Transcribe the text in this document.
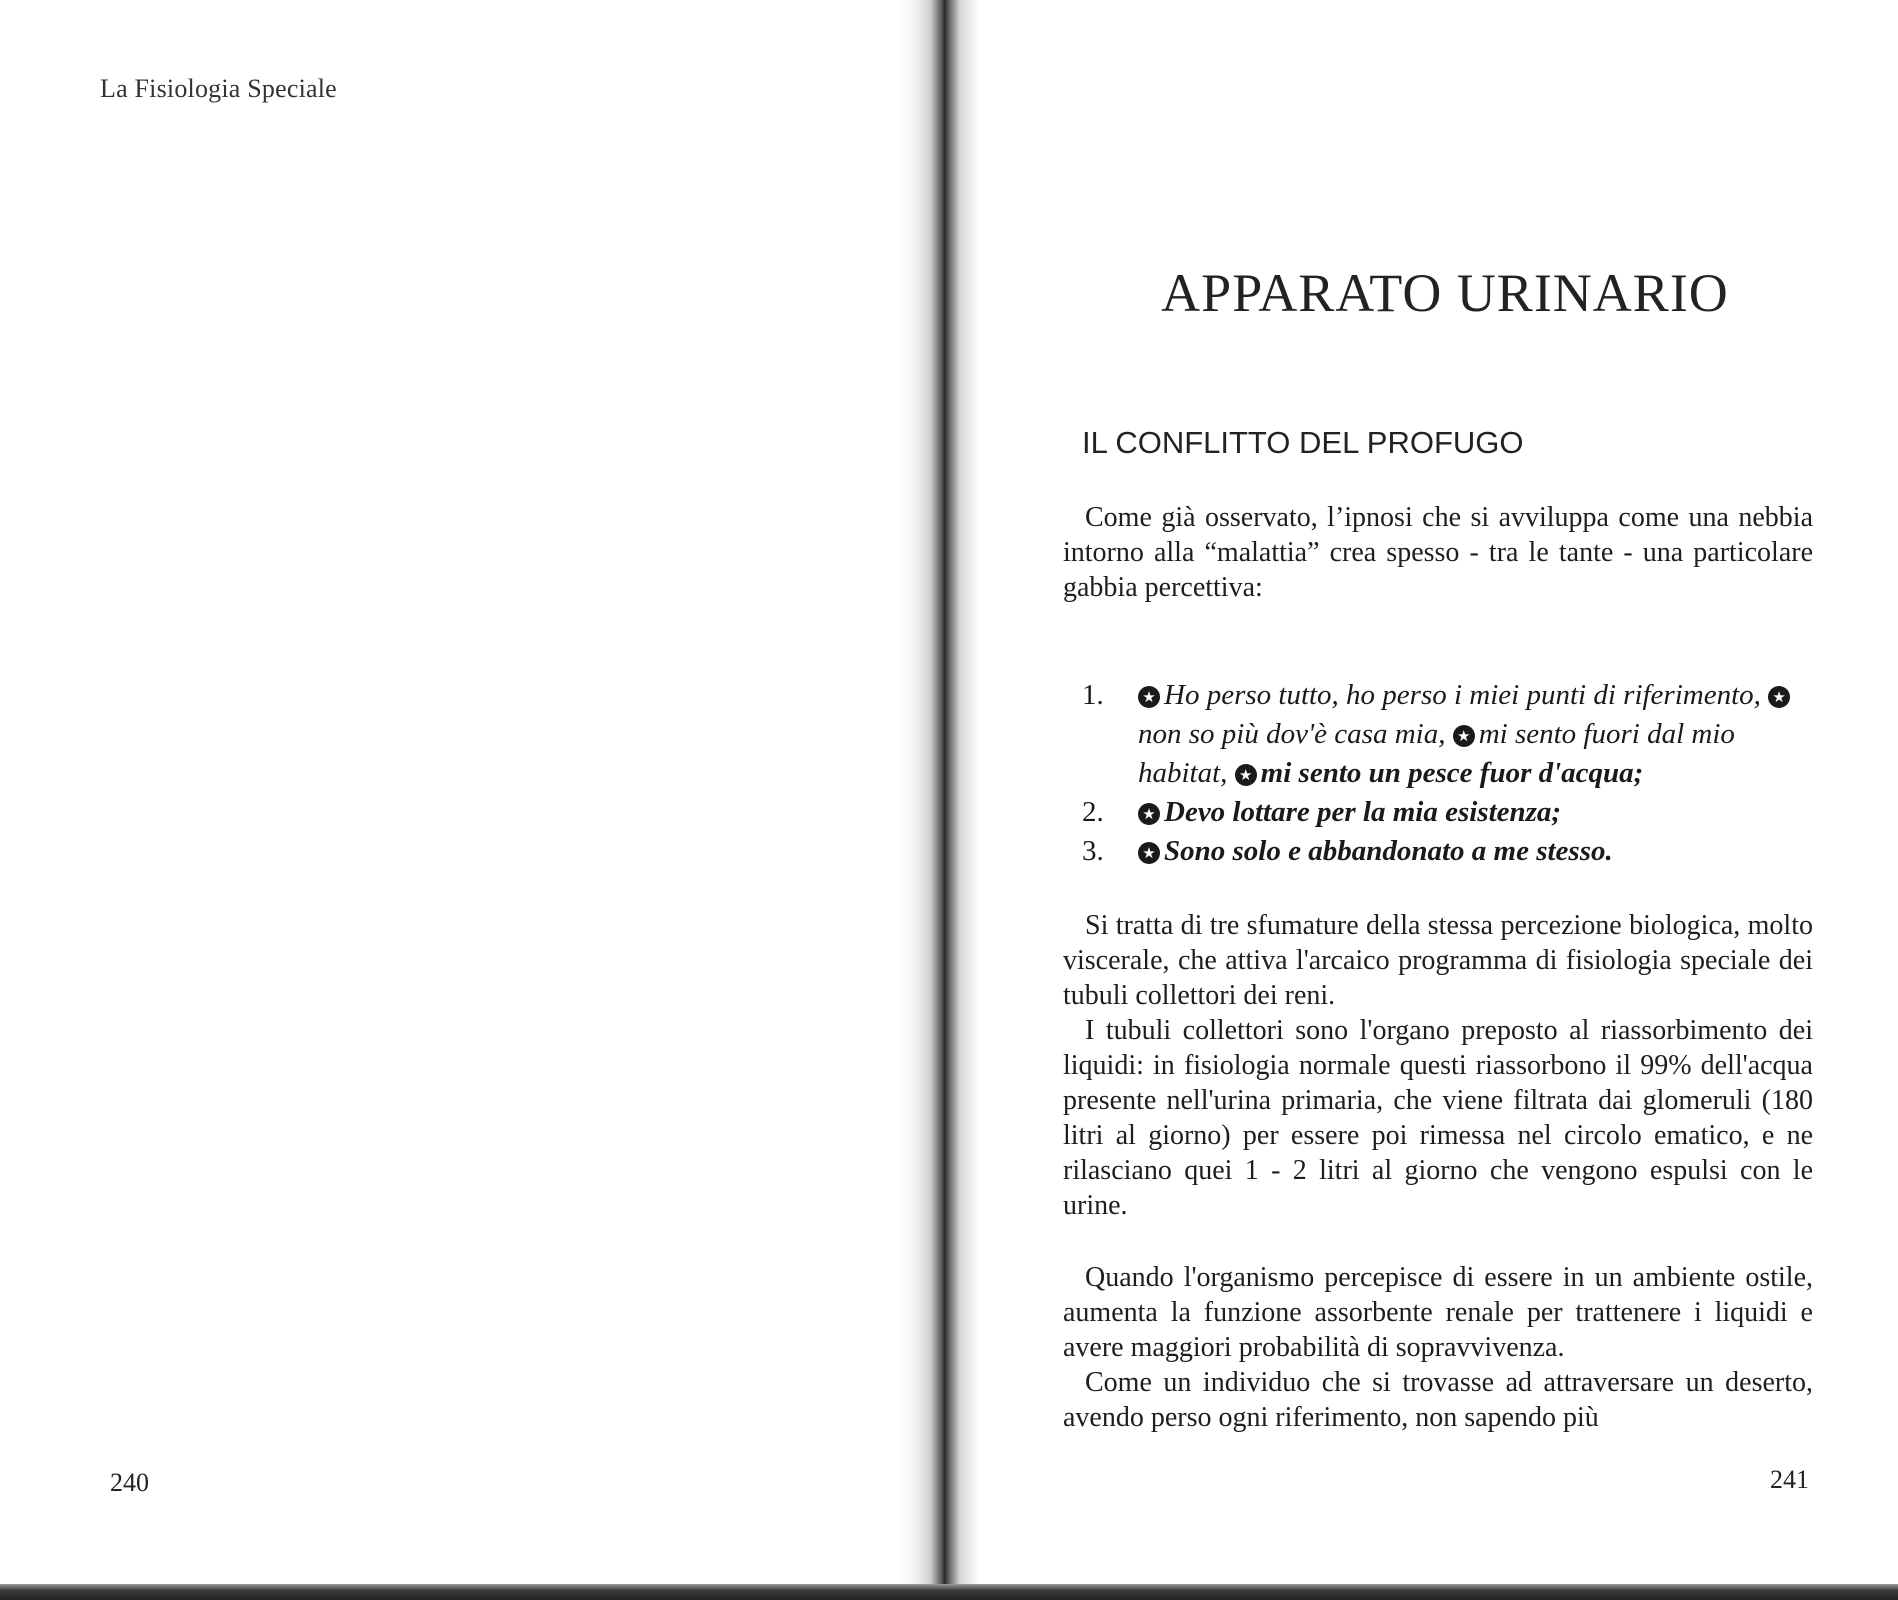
La Fisiologia Speciale
240
APPARATO URINARIO
IL CONFLITTO DEL PROFUGO

Come già osservato, l’ipnosi che si avviluppa come una nebbia intorno alla “malattia” crea spesso - tra le tante - una particolare gabbia percettiva:

1.	★ Ho perso tutto, ho perso i miei punti di riferimento, ★non so più dov'è casa mia, ★ mi sento fuori dal mio habitat, ★ mi sento un pesce fuor d'acqua;
2.	★ Devo lottare per la mia esistenza;
3.	★ Sono solo e abbandonato a me stesso.

Si tratta di tre sfumature della stessa percezione biologica, molto viscerale, che attiva l'arcaico programma di fisiologia speciale dei tubuli collettori dei reni.

I tubuli collettori sono l'organo preposto al riassorbimento dei liquidi: in fisiologia normale questi riassorbono il 99% dell'acqua presente nell'urina primaria, che viene filtrata dai glomeruli (180 litri al giorno) per essere poi rimessa nel circolo ematico, e ne rilasciano quei 1 - 2 litri al giorno che vengono espulsi con le urine.

Quando l'organismo percepisce di essere in un ambiente ostile, aumenta la funzione assorbente renale per trattenere i liquidi e avere maggiori probabilità di sopravvivenza.

Come un individuo che si trovasse ad attraversare un deserto, avendo perso ogni riferimento, non sapendo più

241
